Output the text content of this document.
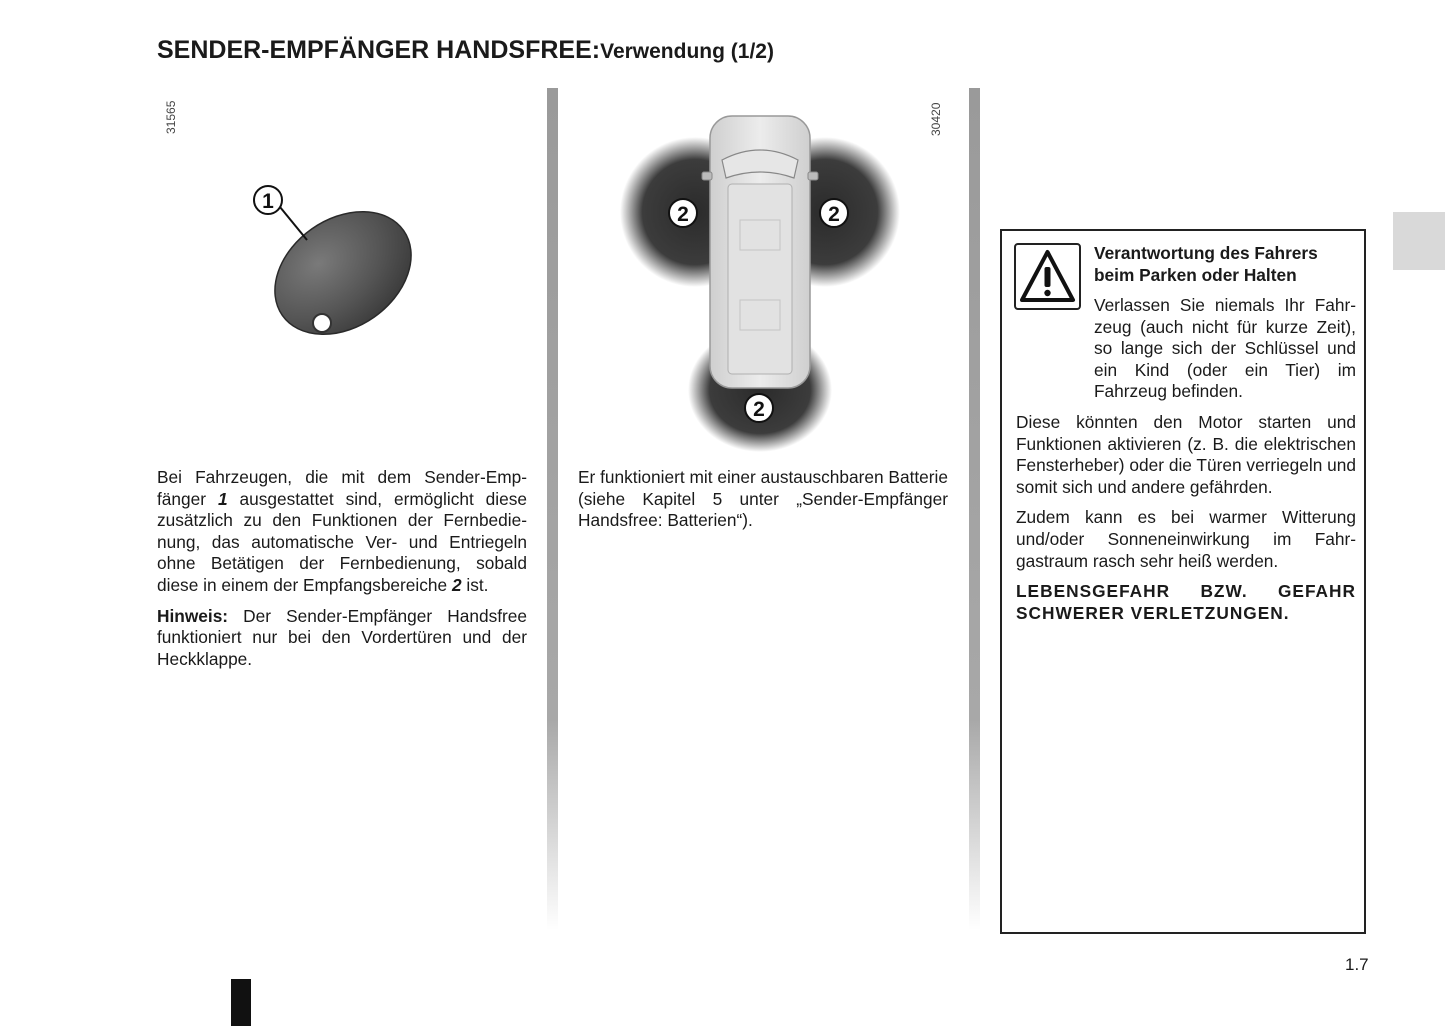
SENDER-EMPFÄNGER HANDSFREE:Verwendung (1/2)
31565
1
30420
2	2
2

Bei Fahrzeugen, die mit dem Sender-Empfänger 1 ausgestattet sind, ermöglicht diese zusätzlich zu den Funktionen der Fernbedienung, das automatische Ver- und Entriegeln ohne Betätigen der Fernbedienung, sobald diese in einem der Empfangsbereiche 2 ist.

Hinweis: Der Sender-Empfänger Handsfree funktioniert nur bei den Vordertüren und der Heckklappe.

Er funktioniert mit einer austauschbaren Batterie (siehe Kapitel 5 unter „Sender-Empfänger Handsfree: Batterien“).

Verantwortung des Fahrers beim Parken oder Halten

Verlassen Sie niemals Ihr Fahrzeug (auch nicht für kurze Zeit), so lange sich der Schlüssel und ein Kind (oder ein Tier) im Fahrzeug befinden.

Diese könnten den Motor starten und Funktionen aktivieren (z. B. die elektrischen Fensterheber) oder die Türen verriegeln und somit sich und andere gefährden.

Zudem kann es bei warmer Witterung und/oder Sonneneinwirkung im Fahrgastraum rasch sehr heiß werden.

LEBENSGEFAHR BZW. GEFAHR SCHWERER VERLETZUNGEN.

1.7
